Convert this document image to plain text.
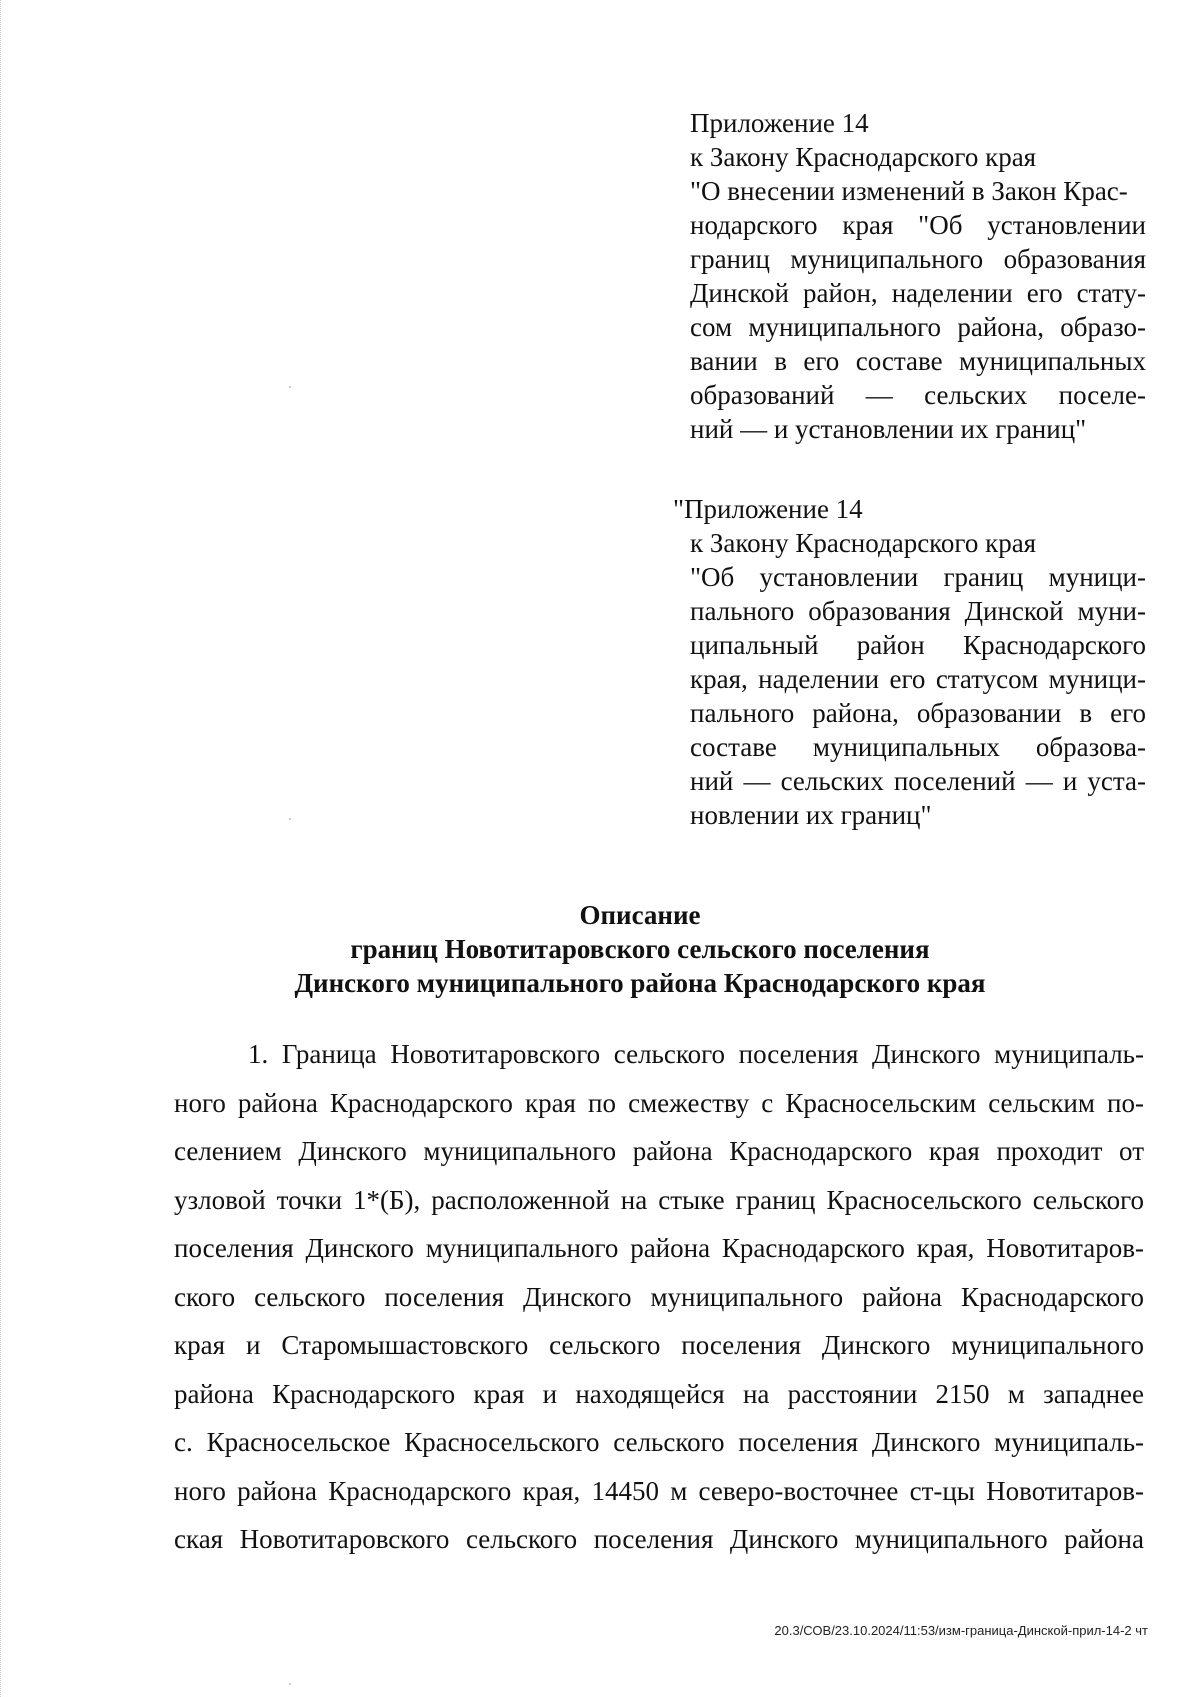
Приложение 14
к Закону Краснодарского края
"О внесении изменений в Закон Крас-
нодарского края "Об установлении
границ муниципального образования
Динской район, наделении его стату-
сом муниципального района, образо-
вании в его составе муниципальных
образований — сельских поселе-
ний — и установлении их границ"
"Приложение 14
к Закону Краснодарского края
"Об установлении границ муници-
пального образования Динской муни-
ципальный район Краснодарского
края, наделении его статусом муници-
пального района, образовании в его
составе муниципальных образова-
ний — сельских поселений — и уста-
новлении их границ"
Описание
границ Новотитаровского сельского поселения
Динского муниципального района Краснодарского края
1. Граница Новотитаровского сельского поселения Динского муниципаль-
ного района Краснодарского края по смежеству с Красносельским сельским по-
селением Динского муниципального района Краснодарского края проходит от
узловой точки 1*(Б), расположенной на стыке границ Красносельского сельского
поселения Динского муниципального района Краснодарского края, Новотитаров-
ского сельского поселения Динского муниципального района Краснодарского
края и Старомышастовского сельского поселения Динского муниципального
района Краснодарского края и находящейся на расстоянии 2150 м западнее
с. Красносельское Красносельского сельского поселения Динского муниципаль-
ного района Краснодарского края, 14450 м северо-восточнее ст-цы Новотитаров-
ская Новотитаровского сельского поселения Динского муниципального района
20.3/СОВ/23.10.2024/11:53/изм-граница-Динской-прил-14-2 чт
